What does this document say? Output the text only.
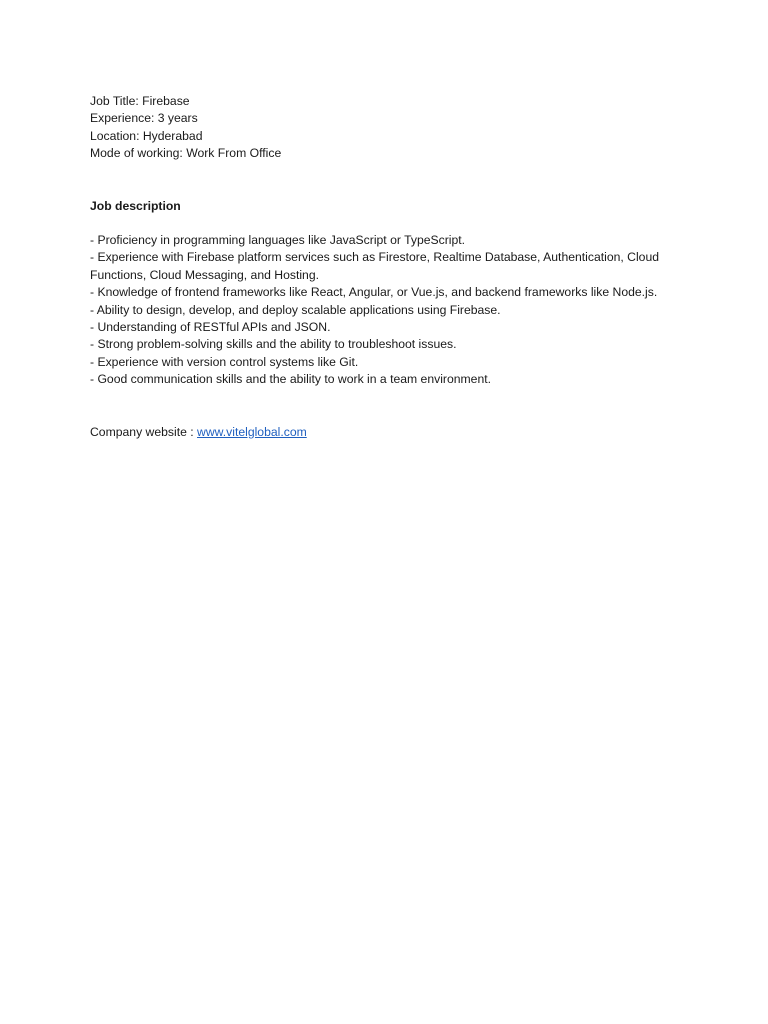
Job Title: Firebase
Experience: 3 years
Location: Hyderabad
Mode of working: Work From Office
Job description
- Proficiency in programming languages like JavaScript or TypeScript.
- Experience with Firebase platform services such as Firestore, Realtime Database, Authentication, Cloud Functions, Cloud Messaging, and Hosting.
- Knowledge of frontend frameworks like React, Angular, or Vue.js, and backend frameworks like Node.js.
- Ability to design, develop, and deploy scalable applications using Firebase.
- Understanding of RESTful APIs and JSON.
- Strong problem-solving skills and the ability to troubleshoot issues.
- Experience with version control systems like Git.
- Good communication skills and the ability to work in a team environment.
Company website : www.vitelglobal.com
